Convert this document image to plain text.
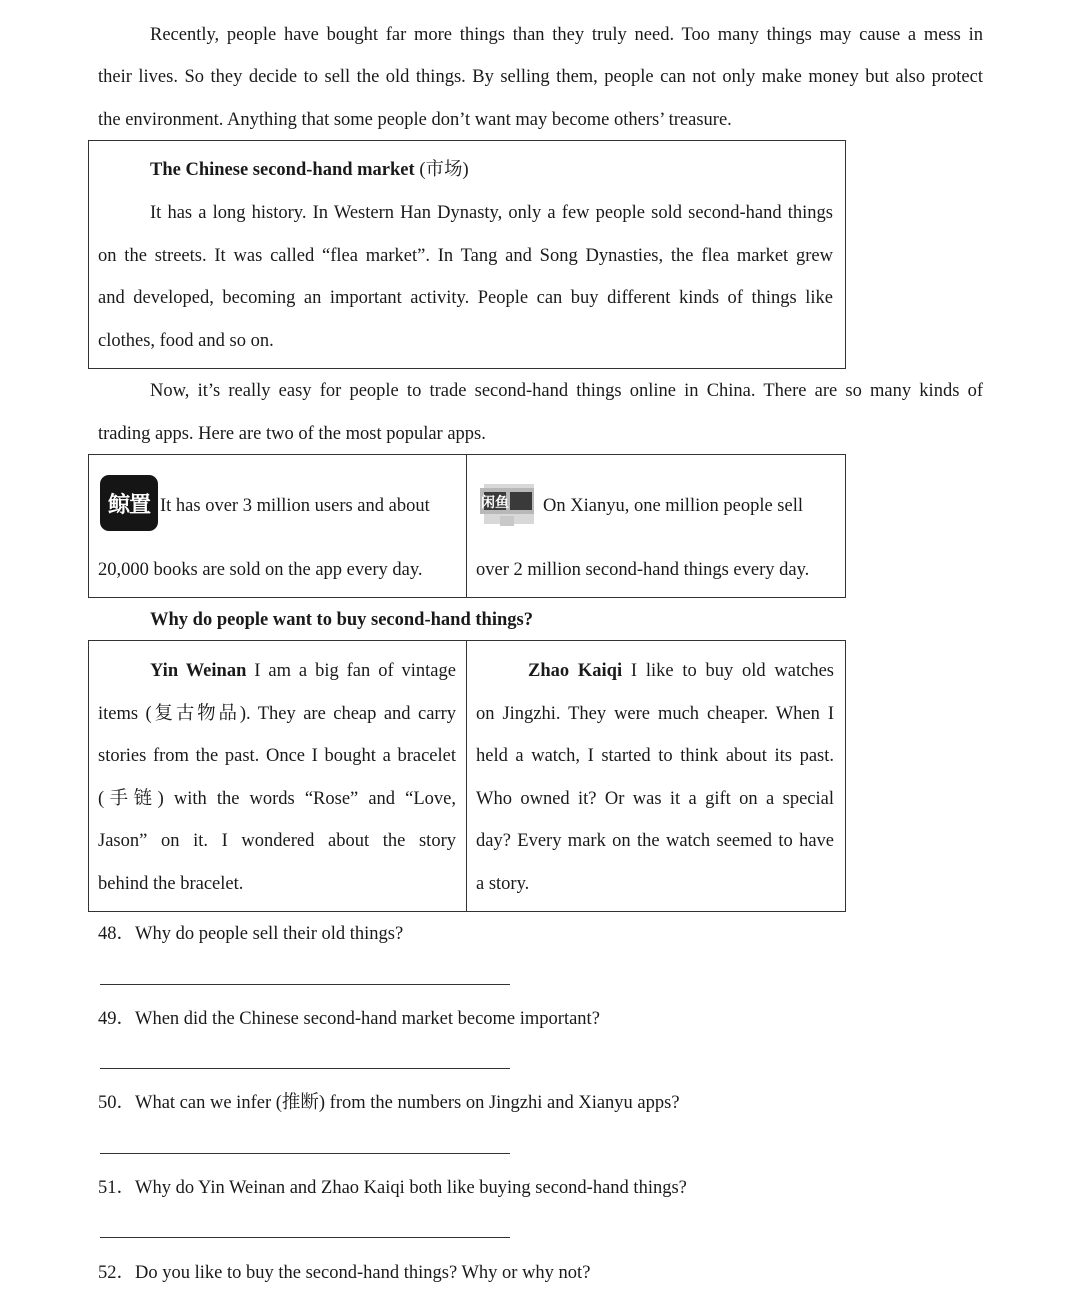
Recently, people have bought far more things than they truly need. Too many things may cause a mess in
their lives. So they decide to sell the old things. By selling them, people can not only make money but also protect
the environment. Anything that some people don’t want may become others’ treasure.
The Chinese second-hand market (市场)
It has a long history. In Western Han Dynasty, only a few people sold second-hand things
on the streets. It was called “flea market”. In Tang and Song Dynasties, the flea market grew
and developed, becoming an important activity. People can buy different kinds of things like
clothes, food and so on.
Now, it’s really easy for people to trade second-hand things online in China. There are so many kinds of
trading apps. Here are two of the most popular apps.
鲸置 It has over 3 million users and about
20,000 books are sold on the app every day.
闲鱼 On Xianyu, one million people sell
over 2 million second-hand things every day.
Why do people want to buy second-hand things?
Yin Weinan I am a big fan of vintage
items (复古物品). They are cheap and carry
stories from the past. Once I bought a bracelet
(手链) with the words “Rose” and “Love,
Jason” on it. I wondered about the story
behind the bracelet.
Zhao Kaiqi I like to buy old watches
on Jingzhi. They were much cheaper. When I
held a watch, I started to think about its past.
Who owned it? Or was it a gift on a special
day? Every mark on the watch seemed to have
a story.
48．Why do people sell their old things?
49．When did the Chinese second-hand market become important?
50．What can we infer (推断) from the numbers on Jingzhi and Xianyu apps?
51．Why do Yin Weinan and Zhao Kaiqi both like buying second-hand things?
52．Do you like to buy the second-hand things? Why or why not?
